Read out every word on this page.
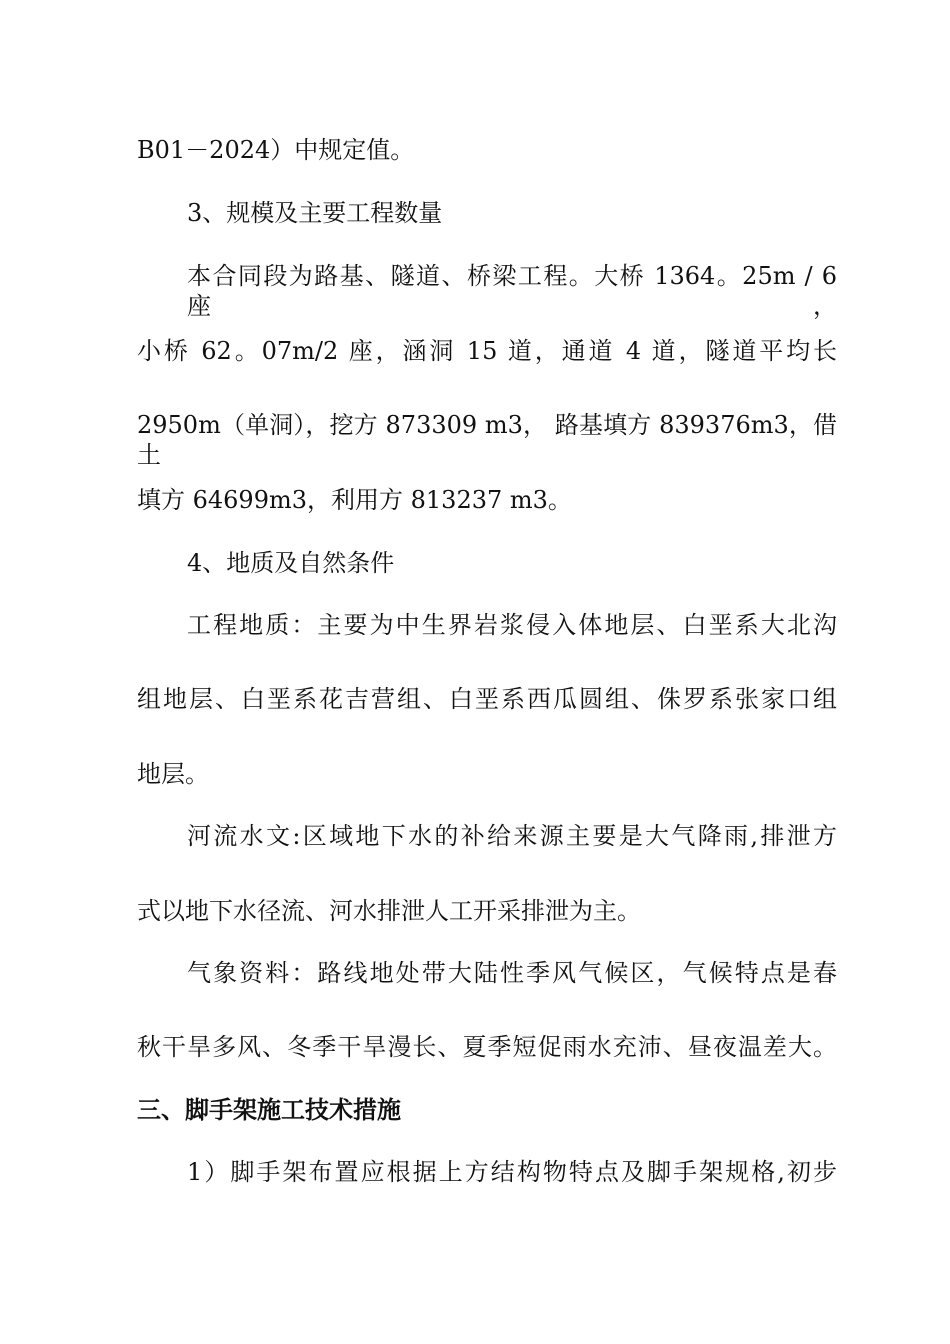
B01－2024）中规定值。
3、规模及主要工程数量
本合同段为路基、隧道、桥梁工程。大桥 1364。25m / 6 座，
小桥 62。07m/2 座，涵洞 15 道，通道 4 道，隧道平均长
2950m（单洞），挖方 873309 m3， 路基填方 839376m3，借土
填方 64699m3，利用方 813237 m3。
4、地质及自然条件
工程地质：主要为中生界岩浆侵入体地层、白垩系大北沟
组地层、白垩系花吉营组、白垩系西瓜圆组、侏罗系张家口组
地层。
河流水文:区域地下水的补给来源主要是大气降雨,排泄方
式以地下水径流、河水排泄人工开采排泄为主。
气象资料：路线地处带大陆性季风气候区，气候特点是春
秋干旱多风、冬季干旱漫长、夏季短促雨水充沛、昼夜温差大。
三、脚手架施工技术措施
1）脚手架布置应根据上方结构物特点及脚手架规格,初步
